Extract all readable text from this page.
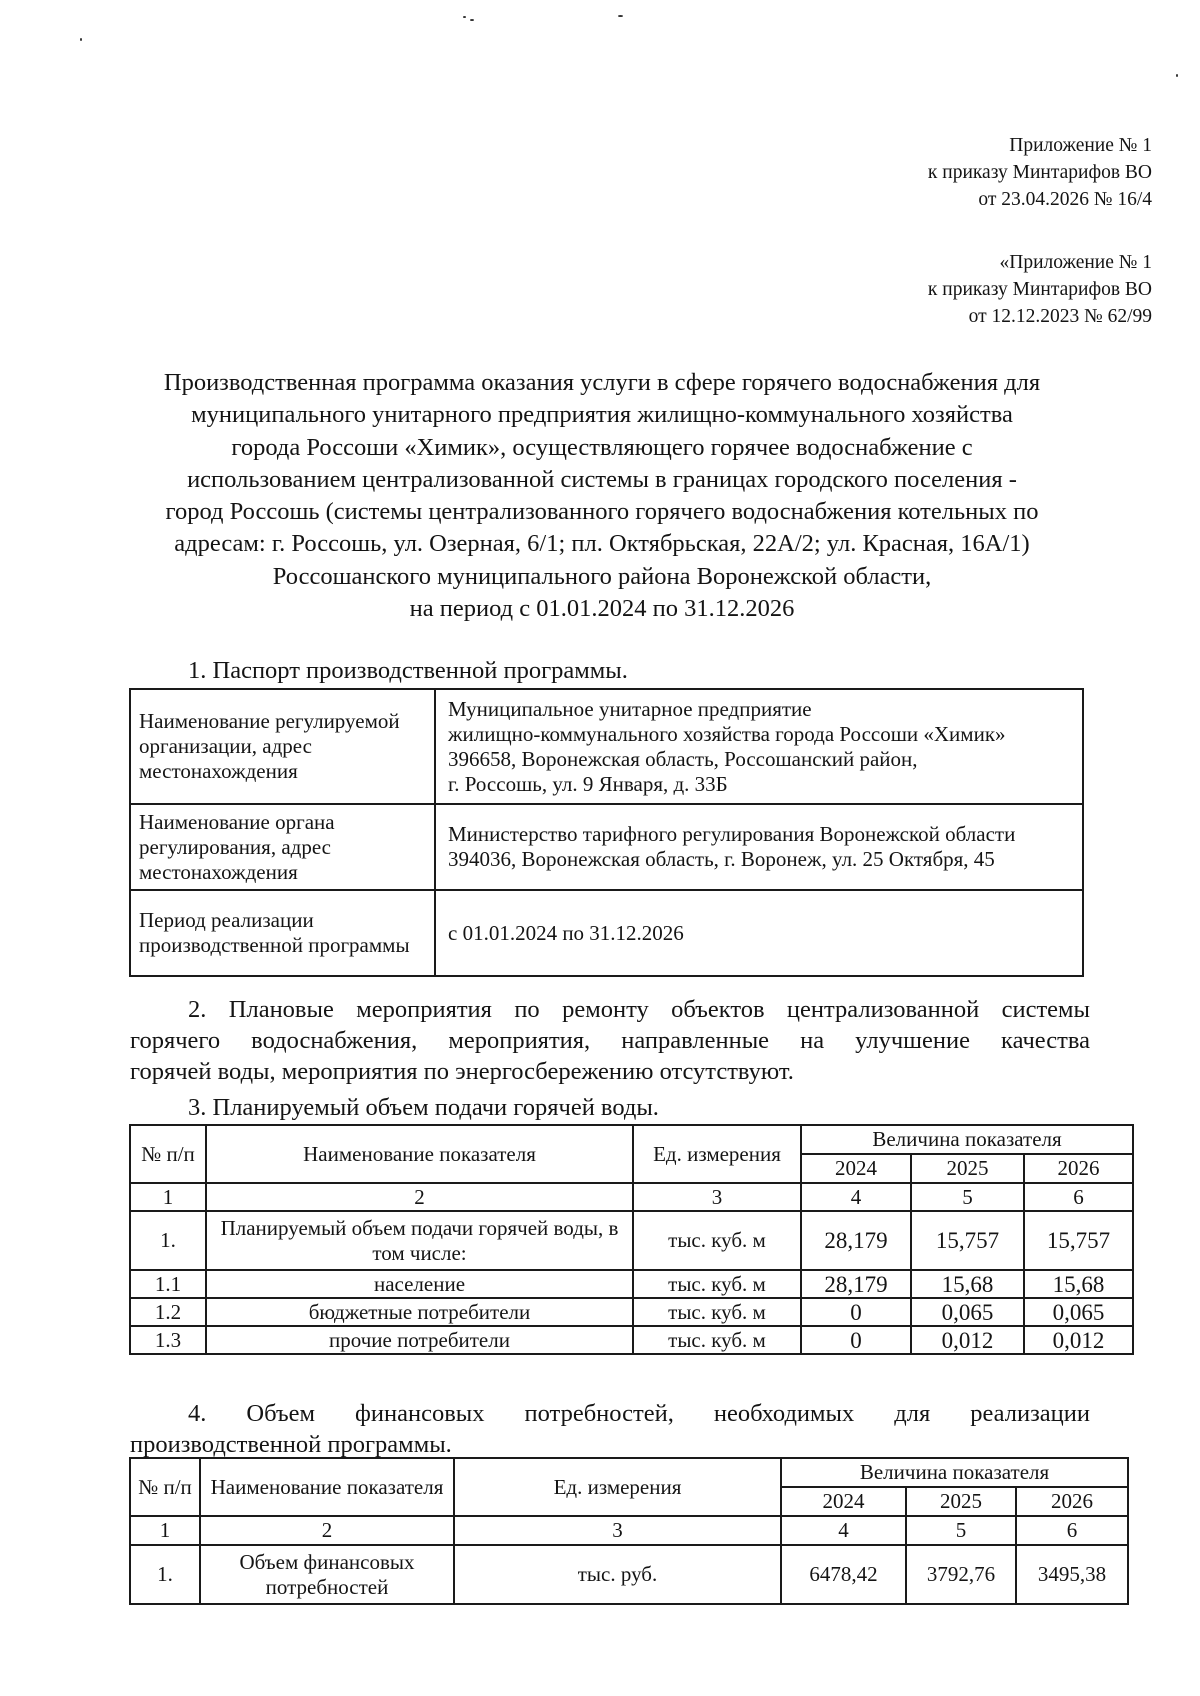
Приложение № 1
к приказу Минтарифов ВО
от 23.04.2026 № 16/4
«Приложение № 1
к приказу Минтарифов ВО
от 12.12.2023 № 62/99
Производственная программа оказания услуги в сфере горячего водоснабжения для
муниципального унитарного предприятия жилищно-коммунального хозяйства
города Россоши «Химик», осуществляющего горячее водоснабжение с
использованием централизованной системы в границах городского поселения -
город Россошь (системы централизованного горячего водоснабжения котельных по
адресам: г. Россошь, ул. Озерная, 6/1; пл. Октябрьская, 22А/2; ул. Красная, 16А/1)
Россошанского муниципального района Воронежской области,
на период с 01.01.2024 по 31.12.2026
1. Паспорт производственной программы.
Наименование регулируемой организации, адрес местонахождения	Муниципальное унитарное предприятие
жилищно-коммунального хозяйства города Россоши «Химик»
396658, Воронежская область, Россошанский район,
г. Россошь, ул. 9 Января, д. 33Б

Наименование органа регулирования, адрес местонахождения	Министерство тарифного регулирования Воронежской области
394036, Воронежская область, г. Воронеж, ул. 25 Октября, 45

Период реализации производственной программы	с 01.01.2024 по 31.12.2026
2. Плановые мероприятия по ремонту объектов централизованной системы
горячего водоснабжения, мероприятия, направленные на улучшение качества
горячей воды, мероприятия по энергосбережению отсутствуют.
3. Планируемый объем подачи горячей воды.
№ п/п	Наименование показателя	Ед. измерения	Величина показателя		
			2024	2025	2026
1	2	3	4	5	6
1.	Планируемый объем подачи горячей воды, в том числе:	тыс. куб. м	28,179	15,757	15,757
1.1	население	тыс. куб. м	28,179	15,68	15,68
1.2	бюджетные потребители	тыс. куб. м	0	0,065	0,065
1.3	прочие потребители	тыс. куб. м	0	0,012	0,012
4. Объем финансовых потребностей, необходимых для реализации
производственной программы.
№ п/п	Наименование показателя	Ед. измерения	Величина показателя		
			2024	2025	2026
1	2	3	4	5	6
1.	Объем финансовых потребностей	тыс. руб.	6478,42	3792,76	3495,38
